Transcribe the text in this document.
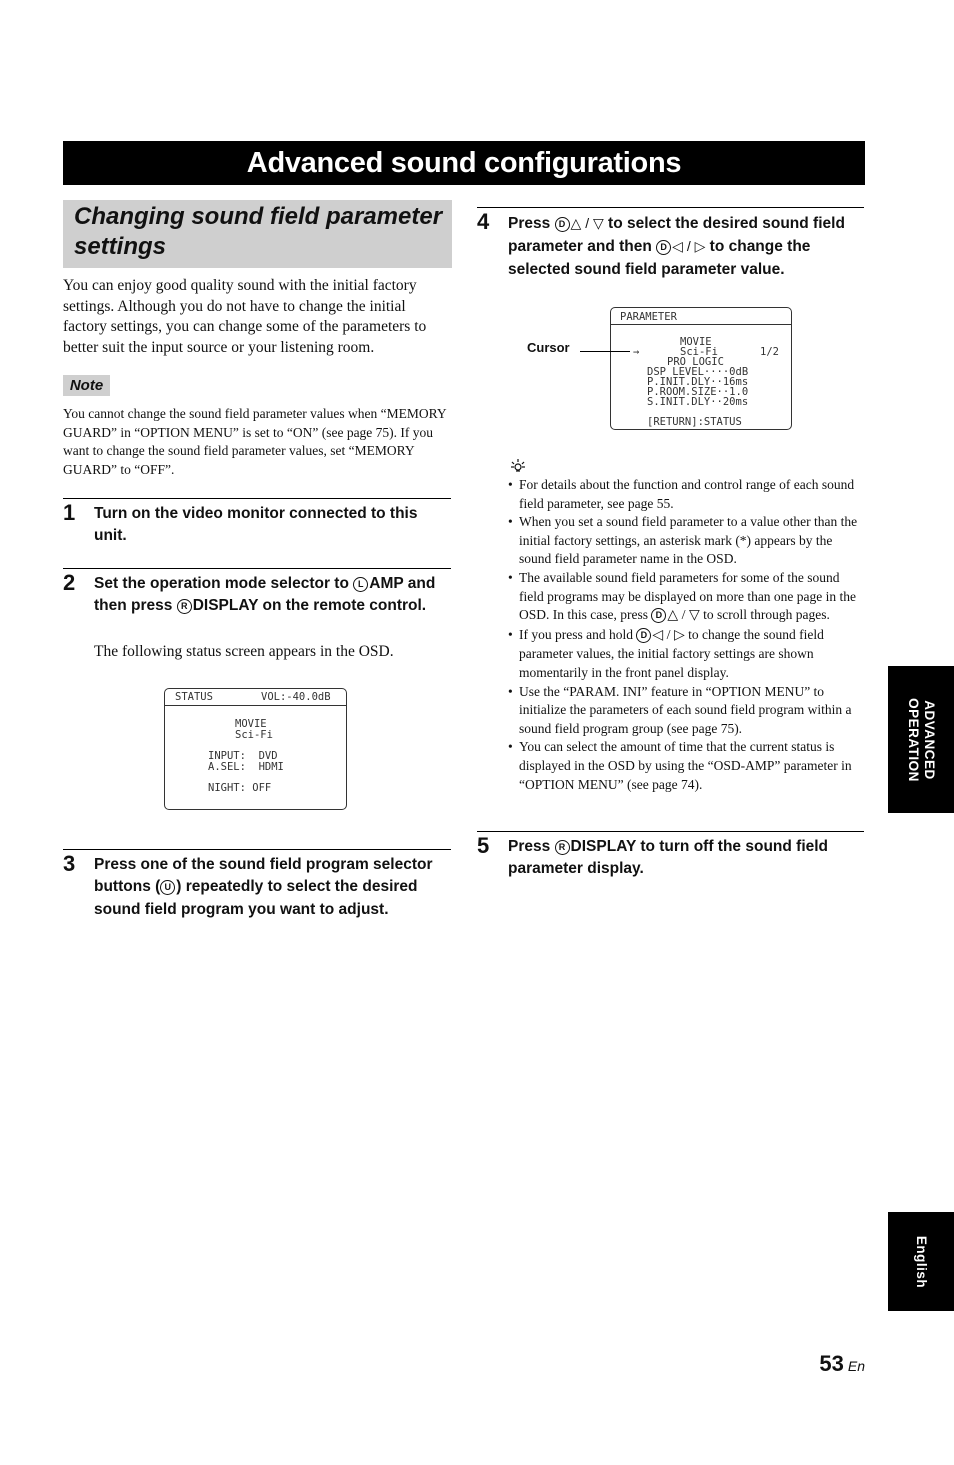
Advanced sound configurations
Changing sound field parameter settings
You can enjoy good quality sound with the initial factory settings. Although you do not have to change the initial factory settings, you can change some of the parameters to better suit the input source or your listening room.
Note
You cannot change the sound field parameter values when “MEMORY GUARD” in “OPTION MENU” is set to “ON” (see page 75). If you want to change the sound field parameter values, set “MEMORY GUARD” to “OFF”.
1 Turn on the video monitor connected to this unit.
2 Set the operation mode selector to L AMP and then press R DISPLAY on the remote control.
The following status screen appears in the OSD.
STATUS	VOL:-40.0dB
MOVIE
Sci-Fi
INPUT:  DVD
A.SEL:  HDMI
NIGHT: OFF
3 Press one of the sound field program selector buttons ( U ) repeatedly to select the desired sound field program you want to adjust.
4 Press D △ / ▽ to select the desired sound field parameter and then D ◁ / ▷ to change the selected sound field parameter value.
PARAMETER
MOVIE
→	Sci-Fi	1/2
PRO LOGIC
DSP LEVEL····0dB
P.INIT.DLY··16ms
P.ROOM.SIZE··1.0
S.INIT.DLY··20ms
[RETURN]:STATUS
Cursor
• For details about the function and control range of each sound field parameter, see page 55.
• When you set a sound field parameter to a value other than the initial factory settings, an asterisk mark (*) appears by the sound field parameter name in the OSD.
• The available sound field parameters for some of the sound field programs may be displayed on more than one page in the OSD. In this case, press D △ / ▽ to scroll through pages.
• If you press and hold D ◁ / ▷ to change the sound field parameter values, the initial factory settings are shown momentarily in the front panel display.
• Use the “PARAM. INI” feature in “OPTION MENU” to initialize the parameters of each sound field program within a sound field program group (see page 75).
• You can select the amount of time that the current status is displayed in the OSD by using the “OSD-AMP” parameter in “OPTION MENU” (see page 74).
5 Press R DISPLAY to turn off the sound field parameter display.
ADVANCED
OPERATION
English
53 En
